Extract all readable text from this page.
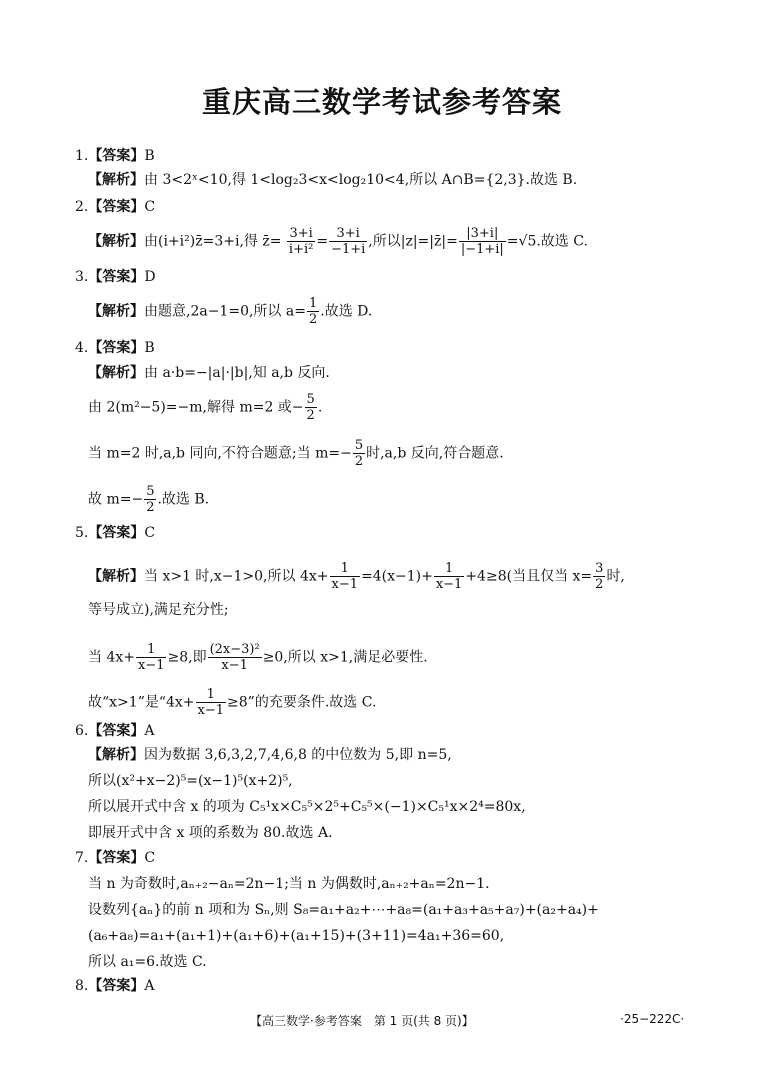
重庆高三数学考试参考答案
1.【答案】B
【解析】由 3<2ˣ<10,得 1<log₂3<x<log₂10<4,所以 A∩B={2,3}.故选 B.
2.【答案】C
【解析】由(i+i²)z̄=3+i,得 z̄= $\frac{3+i}{\text{i+i²}} = \frac{3+i}{-1+i}$ ,所以|z|=|z̄|= $\frac{|3+i|}{|-1+i|} =√5$.故选 C.
3.【答案】D
【解析】由题意,2a−1=0,所以 $a= \frac{1}{2}$ .故选 D.
4.【答案】B
【解析】由 a·b=−|a|·|b|,知 a,b 反向.
由 2(m²−5)=−m,解得 m=2 或− $\frac{5}{2}$ .
当 m=2 时,a,b 同向,不符合题意;当 $m=- \frac{5}{2}$ 时,a,b 反向,符合题意.
故 $m=- \frac{5}{2}$ .故选 B.
5.【答案】C
【解析】当 x>1 时,x−1>0,所以 $4x+ \frac{1}{x-1} =4(x-1)+ \frac{1}{x-1} +4\ge 8$(当且仅当 $x= \frac{3}{2}$ 时,
等号成立),满足充分性;
当 $4x+ \frac{1}{x-1} \ge 8$,即 $\frac{\text{(2x−3)²}}{x-1} \ge 0$,所以 x>1,满足必要性.
故“x>1”是“$4x+ \frac{1}{x-1} \ge 8$”的充要条件.故选 C.
6.【答案】A
【解析】因为数据 3,6,3,2,7,4,6,8 的中位数为 5,即 n=5,
所以(x²+x−2)⁵=(x−1)⁵(x+2)⁵,
所以展开式中含 x 的项为 C₅¹x×C₅⁵×2⁵+C₅⁵×(−1)×C₅¹x×2⁴=80x,
即展开式中含 x 项的系数为 80.故选 A.
7.【答案】C
当 n 为奇数时,aₙ₊₂−aₙ=2n−1;当 n 为偶数时,aₙ₊₂+aₙ=2n−1.
设数列{aₙ}的前 n 项和为 Sₙ,则 S₈=a₁+a₂+⋯+a₈=(a₁+a₃+a₅+a₇)+(a₂+a₄)+
(a₆+a₈)=a₁+(a₁+1)+(a₁+6)+(a₁+15)+(3+11)=4a₁+36=60,
所以 a₁=6.故选 C.
8.【答案】A
【高三数学·参考答案　第 1 页(共 8 页)】	·25−222C·
